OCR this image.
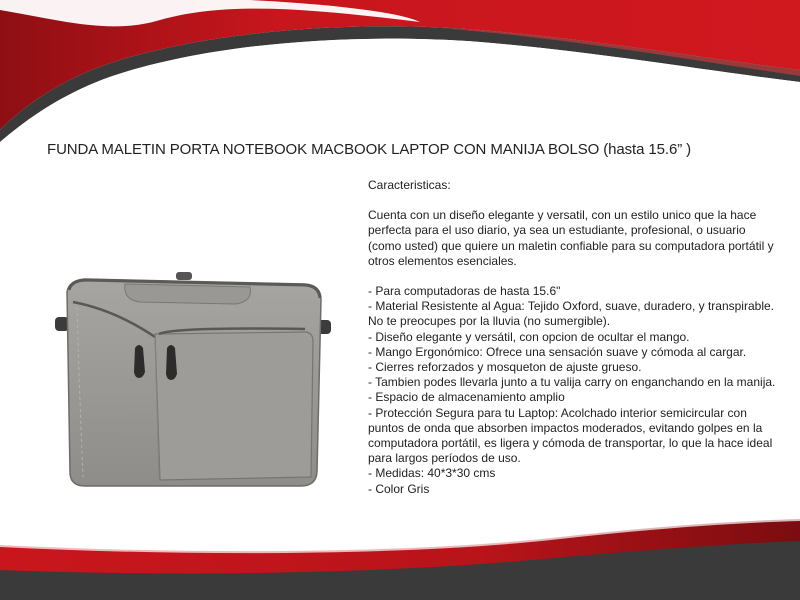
FUNDA MALETIN PORTA NOTEBOOK MACBOOK LAPTOP CON MANIJA BOLSO (hasta 15.6” )

Caracteristicas:

Cuenta con un diseño elegante y versatil, con un estilo unico que la hace perfecta para el uso diario, ya sea un estudiante, profesional, o usuario (como usted) que quiere un maletin confiable para su computadora portátil y otros elementos esenciales.

- Para computadoras de hasta 15.6"
- Material Resistente al Agua: Tejido Oxford, suave, duradero, y transpirable. No te preocupes por la lluvia (no sumergible).
- Diseño elegante y versátil, con opcion de ocultar el mango.
- Mango Ergonómico: Ofrece una sensación suave y cómoda al cargar.
- Cierres reforzados y mosqueton de ajuste grueso.
- Tambien podes llevarla junto a tu valija carry on enganchando en la manija.
- Espacio de almacenamiento amplio
- Protección Segura para tu Laptop: Acolchado interior semicircular con puntos de onda que absorben impactos moderados, evitando golpes en la computadora portátil, es ligera y cómoda de transportar, lo que la hace ideal para largos períodos de uso.
- Medidas: 40*3*30 cms
- Color Gris
